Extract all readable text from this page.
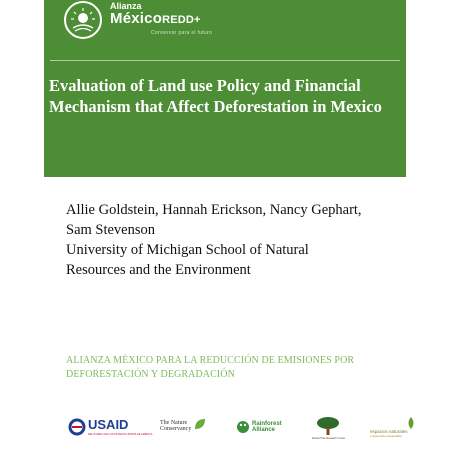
Alianza
MéxicoREDD+
Conservar para el futuro
Evaluation of Land use Policy and Financial Mechanism that Affect Deforestation in Mexico

Allie Goldstein, Hannah Erickson, Nancy Gephart,
Sam Stevenson
University of Michigan School of Natural
Resources and the Environment

ALIANZA MÉXICO PARA LA REDUCCIÓN DE EMISIONES POR
DEFORESTACIÓN Y DEGRADACIÓN

USAID
DEL PUEBLO DE LOS ESTADOS UNIDOS DE AMÉRICA
The Nature
Conservancy
Rainforest
Alliance
Woods Hole Research Center
espacios naturales
y desarrollo sustentable
